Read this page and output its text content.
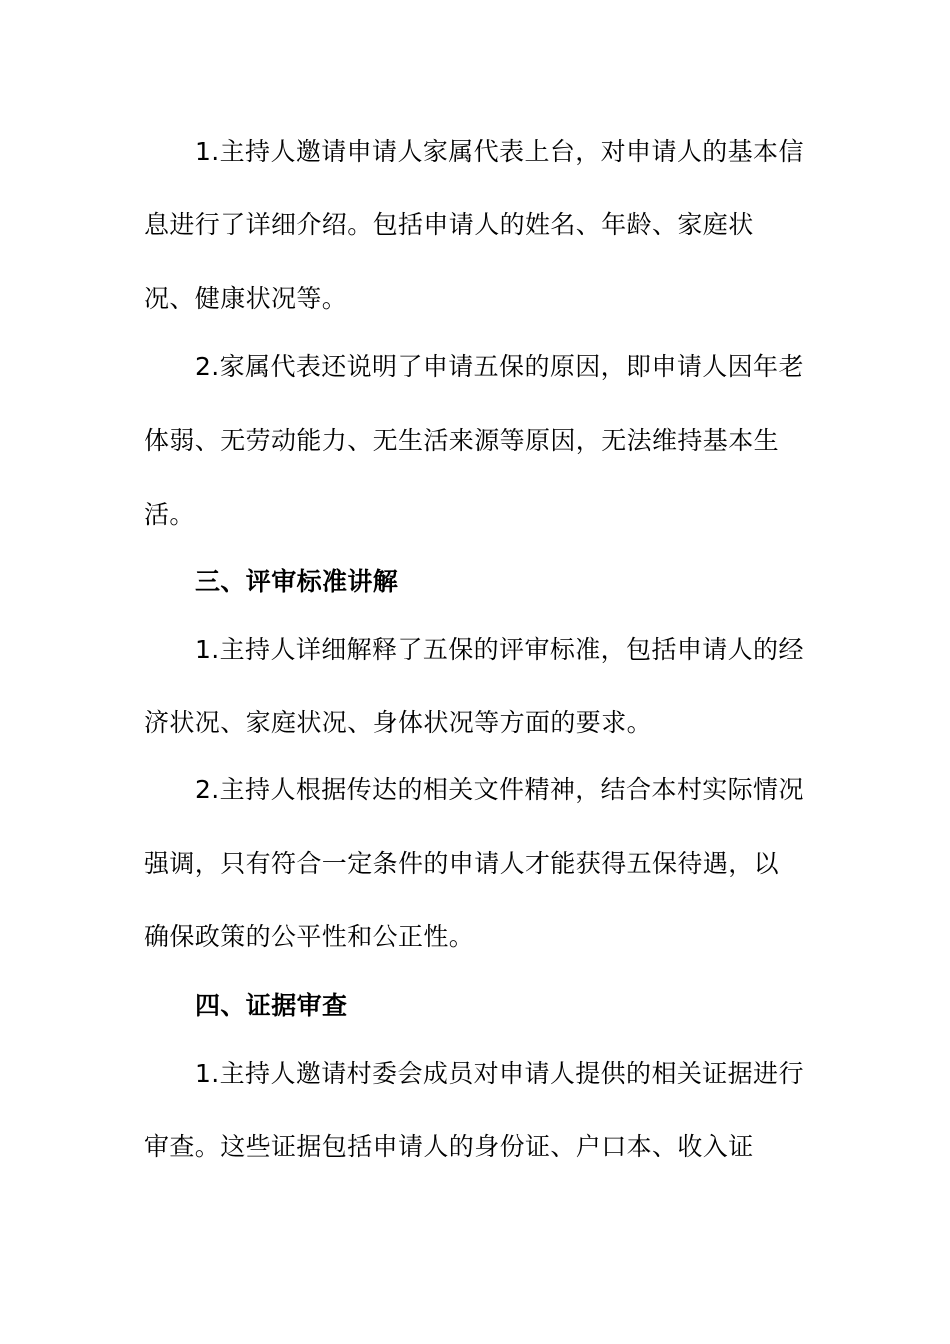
1.主持人邀请申请人家属代表上台，对申请人的基本信
息进行了详细介绍。包括申请人的姓名、年龄、家庭状
况、健康状况等。
2.家属代表还说明了申请五保的原因，即申请人因年老
体弱、无劳动能力、无生活来源等原因，无法维持基本生
活。
三、评审标准讲解
1.主持人详细解释了五保的评审标准，包括申请人的经
济状况、家庭状况、身体状况等方面的要求。
2.主持人根据传达的相关文件精神，结合本村实际情况
强调，只有符合一定条件的申请人才能获得五保待遇，以
确保政策的公平性和公正性。
四、证据审查
1.主持人邀请村委会成员对申请人提供的相关证据进行
审查。这些证据包括申请人的身份证、户口本、收入证
